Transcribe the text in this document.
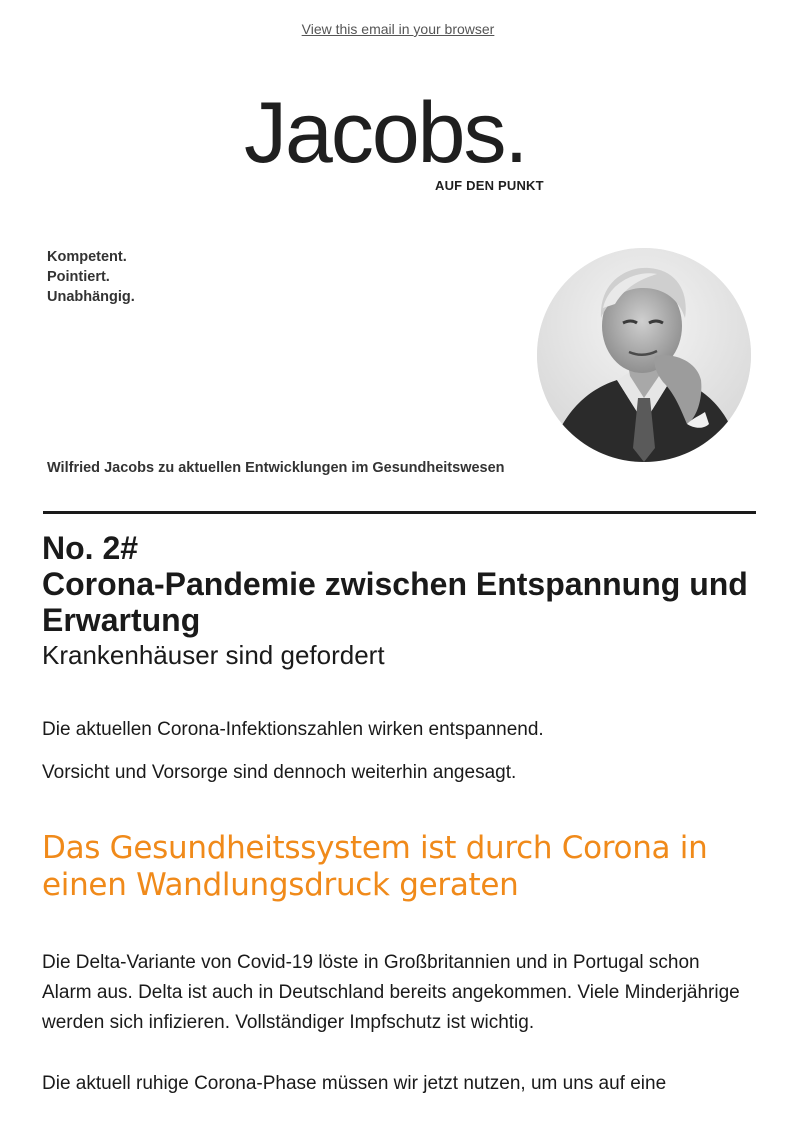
View this email in your browser
Jacobs.
AUF DEN PUNKT
Kompetent.
Pointiert.
Unabhängig.
Wilfried Jacobs zu aktuellen Entwicklungen im Gesundheitswesen
No. 2#
Corona-Pandemie zwischen Entspannung und Erwartung
Krankenhäuser sind gefordert
Die aktuellen Corona-Infektionszahlen wirken entspannend.
Vorsicht und Vorsorge sind dennoch weiterhin angesagt.
Das Gesundheitssystem ist durch Corona in einen Wandlungsdruck geraten
Die Delta-Variante von Covid-19 löste in Großbritannien und in Portugal schon Alarm aus. Delta ist auch in Deutschland bereits angekommen. Viele Minderjährige werden sich infizieren. Vollständiger Impfschutz ist wichtig.
Die aktuell ruhige Corona-Phase müssen wir jetzt nutzen, um uns auf eine
